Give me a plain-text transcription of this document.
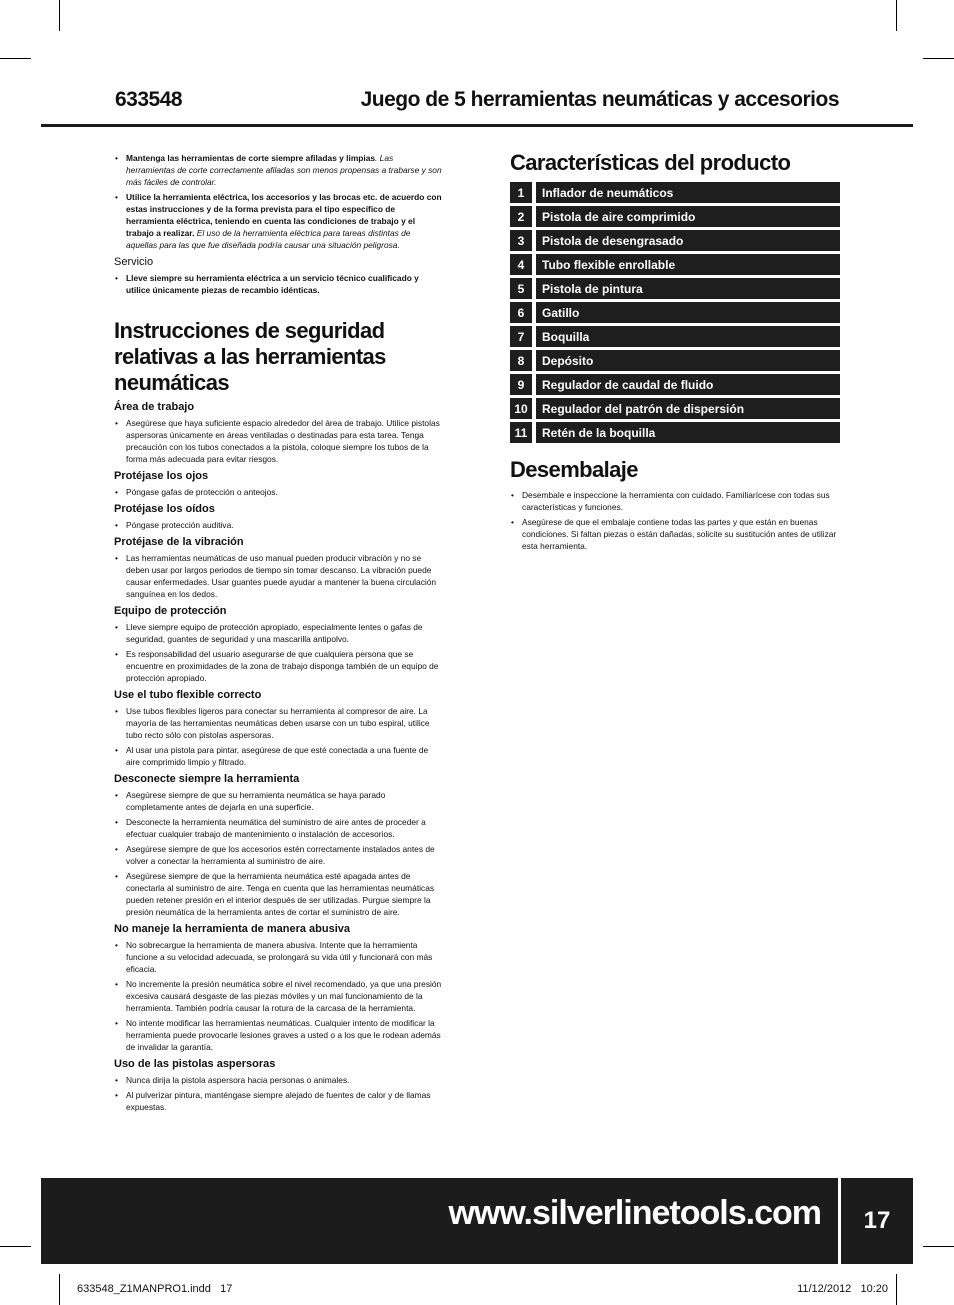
633548	Juego de 5 herramientas neumáticas y accesorios
• Mantenga las herramientas de corte siempre afiladas y limpias. Las herramientas de corte correctamente afiladas son menos propensas a trabarse y son más fáciles de controlar.
• Utilice la herramienta eléctrica, los accesorios y las brocas etc. de acuerdo con estas instrucciones y de la forma prevista para el tipo específico de herramienta eléctrica, teniendo en cuenta las condiciones de trabajo y el trabajo a realizar. El uso de la herramienta eléctrica para tareas distintas de aquellas para las que fue diseñada podría causar una situación peligrosa.
Servicio
• Lleve siempre su herramienta eléctrica a un servicio técnico cualificado y utilice únicamente piezas de recambio idénticas.
Instrucciones de seguridad relativas a las herramientas neumáticas
Área de trabajo
• Asegúrese que haya suficiente espacio alrededor del área de trabajo. Utilice pistolas aspersoras únicamente en áreas ventiladas o destinadas para esta tarea. Tenga precaución con los tubos conectados a la pistola, coloque siempre los tubos de la forma más adecuada para evitar riesgos.
Protéjase los ojos
• Póngase gafas de protección o anteojos.
Protéjase los oídos
• Póngase protección auditiva.
Protéjase de la vibración
• Las herramientas neumáticas de uso manual pueden producir vibración y no se deben usar por largos periodos de tiempo sin tomar descanso. La vibración puede causar enfermedades. Usar guantes puede ayudar a mantener la buena circulación sanguínea en los dedos.
Equipo de protección
• Lleve siempre equipo de protección apropiado, especialmente lentes o gafas de seguridad, guantes de seguridad y una mascarilla antipolvo.
• Es responsabilidad del usuario asegurarse de que cualquiera persona que se encuentre en proximidades de la zona de trabajo disponga también de un equipo de protección apropiado.
Use el tubo flexible correcto
• Use tubos flexibles ligeros para conectar su herramienta al compresor de aire. La mayoría de las herramientas neumáticas deben usarse con un tubo espiral, utilice tubo recto sólo con pistolas aspersoras.
• Al usar una pistola para pintar, asegúrese de que esté conectada a una fuente de aire comprimido limpio y filtrado.
Desconecte siempre la herramienta
• Asegúrese siempre de que su herramienta neumática se haya parado completamente antes de dejarla en una superficie.
• Desconecte la herramienta neumática del suministro de aire antes de proceder a efectuar cualquier trabajo de mantenimiento o instalación de accesorios.
• Asegúrese siempre de que los accesorios estén correctamente instalados antes de volver a conectar la herramienta al suministro de aire.
• Asegúrese siempre de que la herramienta neumática esté apagada antes de conectarla al suministro de aire. Tenga en cuenta que las herramientas neumáticas pueden retener presión en el interior después de ser utilizadas. Purgue siempre la presión neumática de la herramienta antes de cortar el suministro de aire.
No maneje la herramienta de manera abusiva
• No sobrecargue la herramienta de manera abusiva. Intente que la herramienta funcione a su velocidad adecuada, se prolongará su vida útil y funcionará con más eficacia.
• No incremente la presión neumática sobre el nivel recomendado, ya que una presión excesiva causará desgaste de las piezas móviles y un mal funcionamiento de la herramienta. También podría causar la rotura de la carcasa de la herramienta.
• No intente modificar las herramientas neumáticas. Cualquier intento de modificar la herramienta puede provocarle lesiones graves a usted o a los que le rodean además de invalidar la garantía.
Uso de las pistolas aspersoras
• Nunca dirija la pistola aspersora hacia personas o animales.
• Al pulverizar pintura, manténgase siempre alejado de fuentes de calor y de llamas expuestas.
Características del producto
1	Inflador de neumáticos
2	Pistola de aire comprimido
3	Pistola de desengrasado
4	Tubo flexible enrollable
5	Pistola de pintura
6	Gatillo
7	Boquilla
8	Depósito
9	Regulador de caudal de fluido
10	Regulador del patrón de dispersión
11	Retén de la boquilla
Desembalaje
• Desembale e inspeccione la herramienta con cuidado. Familiarícese con todas sus características y funciones.
• Asegúrese de que el embalaje contiene todas las partes y que están en buenas condiciones. Si faltan piezas o están dañadas, solicite su sustitución antes de utilizar esta herramienta.
www.silverlinetools.com	17
633548_Z1MANPRO1.indd   17	11/12/2012   10:20
